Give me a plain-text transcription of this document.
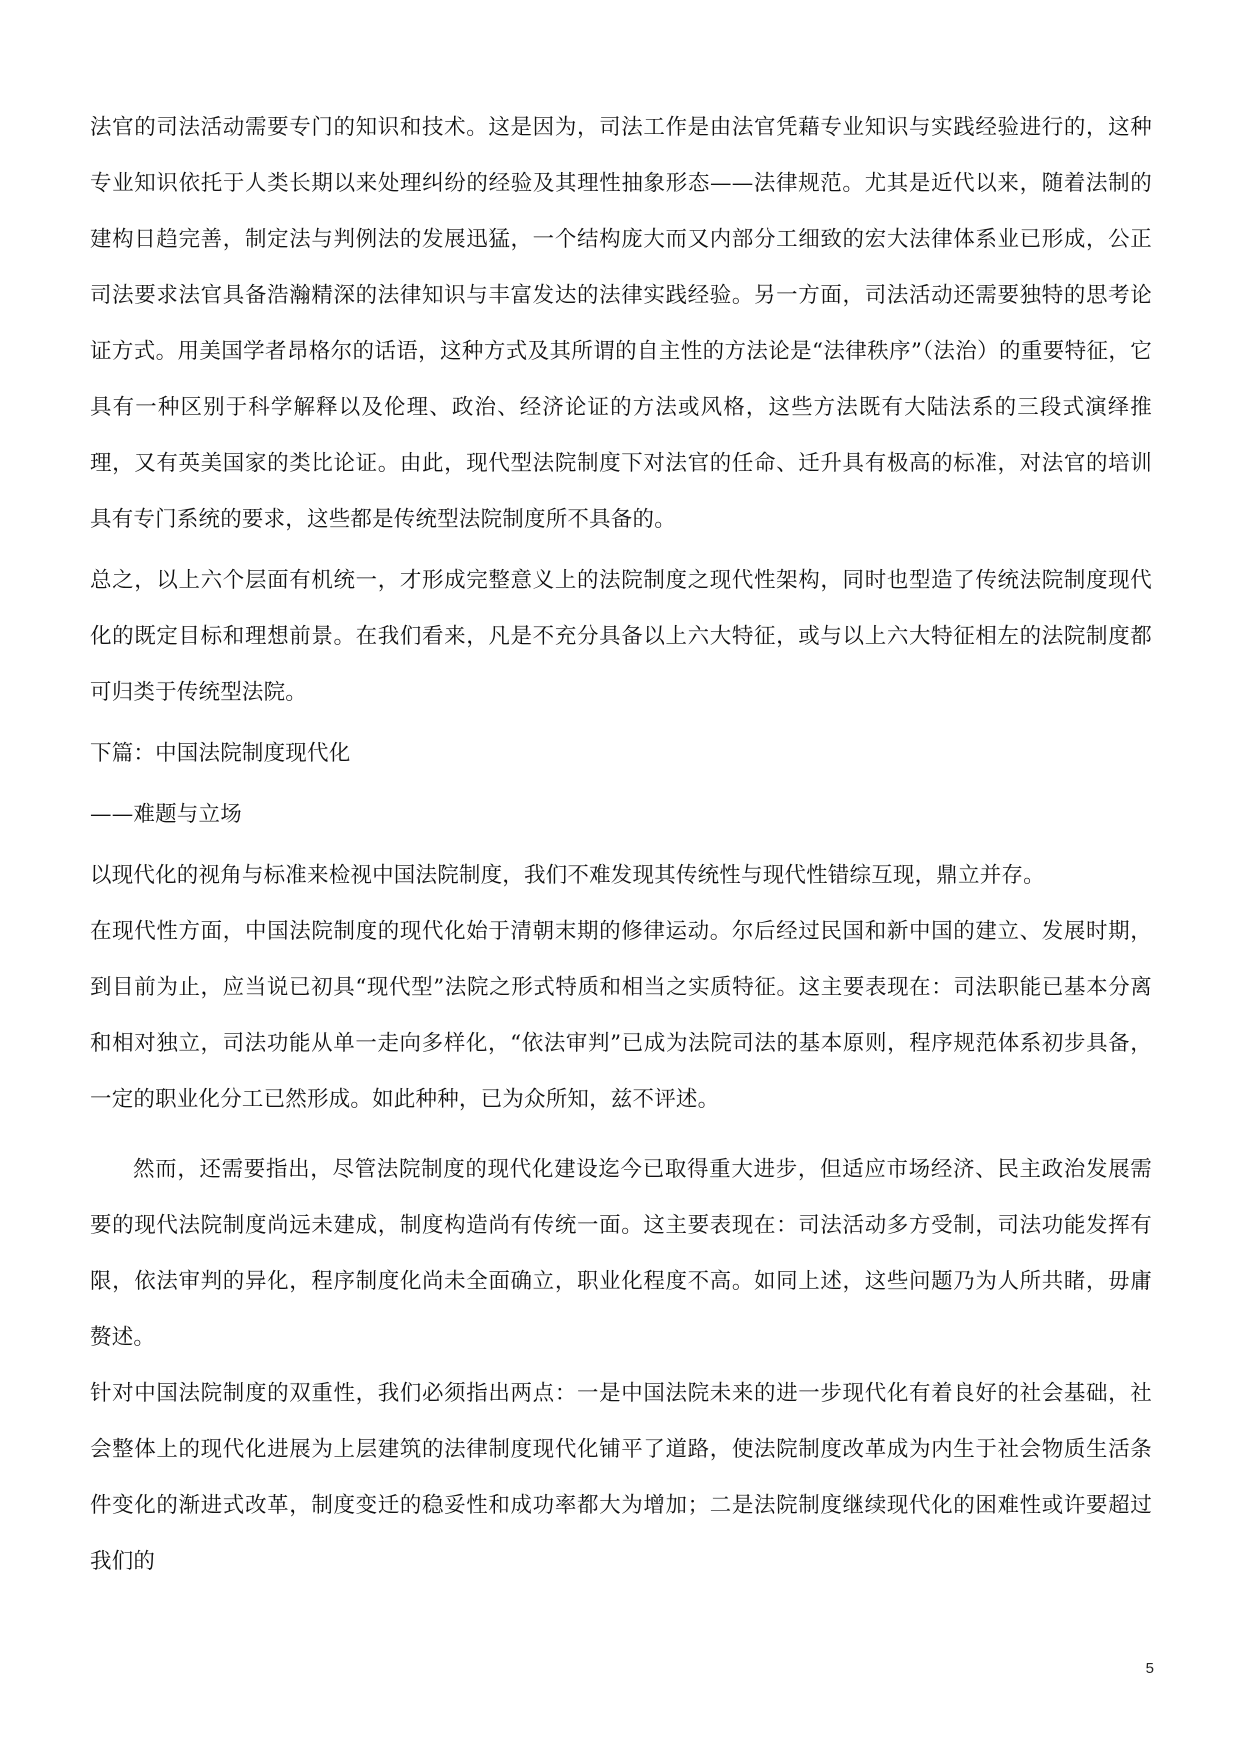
法官的司法活动需要专门的知识和技术。这是因为，司法工作是由法官凭藉专业知识与实践经验进行的，这种专业知识依托于人类长期以来处理纠纷的经验及其理性抽象形态——法律规范。尤其是近代以来，随着法制的建构日趋完善，制定法与判例法的发展迅猛，一个结构庞大而又内部分工细致的宏大法律体系业已形成，公正司法要求法官具备浩瀚精深的法律知识与丰富发达的法律实践经验。另一方面，司法活动还需要独特的思考论证方式。用美国学者昂格尔的话语，这种方式及其所谓的自主性的方法论是“法律秩序”（法治）的重要特征，它具有一种区别于科学解释以及伦理、政治、经济论证的方法或风格，这些方法既有大陆法系的三段式演绎推理，又有英美国家的类比论证。由此，现代型法院制度下对法官的任命、迁升具有极高的标准，对法官的培训具有专门系统的要求，这些都是传统型法院制度所不具备的。

总之，以上六个层面有机统一，才形成完整意义上的法院制度之现代性架构，同时也型造了传统法院制度现代化的既定目标和理想前景。在我们看来，凡是不充分具备以上六大特征，或与以上六大特征相左的法院制度都可归类于传统型法院。

下篇：中国法院制度现代化

——难题与立场

以现代化的视角与标准来检视中国法院制度，我们不难发现其传统性与现代性错综互现，鼎立并存。

在现代性方面，中国法院制度的现代化始于清朝末期的修律运动。尔后经过民国和新中国的建立、发展时期，到目前为止，应当说已初具“现代型”法院之形式特质和相当之实质特征。这主要表现在：司法职能已基本分离和相对独立，司法功能从单一走向多样化，“依法审判”已成为法院司法的基本原则，程序规范体系初步具备，一定的职业化分工已然形成。如此种种，已为众所知，兹不评述。

然而，还需要指出，尽管法院制度的现代化建设迄今已取得重大进步，但适应市场经济、民主政治发展需要的现代法院制度尚远未建成，制度构造尚有传统一面。这主要表现在：司法活动多方受制，司法功能发挥有限，依法审判的异化，程序制度化尚未全面确立，职业化程度不高。如同上述，这些问题乃为人所共睹，毋庸赘述。

针对中国法院制度的双重性，我们必须指出两点：一是中国法院未来的进一步现代化有着良好的社会基础，社会整体上的现代化进展为上层建筑的法律制度现代化铺平了道路，使法院制度改革成为内生于社会物质生活条件变化的渐进式改革，制度变迁的稳妥性和成功率都大为增加；二是法院制度继续现代化的困难性或许要超过我们的

5
